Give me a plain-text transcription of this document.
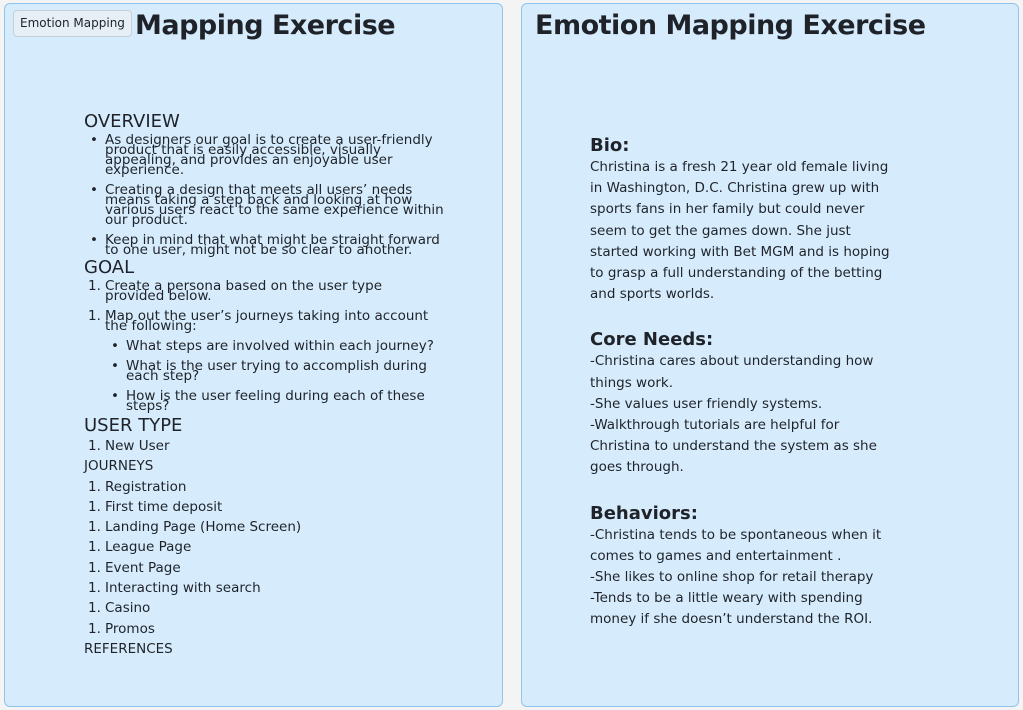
Emotion Mapping Mapping Exercise
OVERVIEW
• As designers our goal is to create a user-friendly product that is easily accessible, visually appealing, and provides an enjoyable user experience.
• Creating a design that meets all users’ needs means taking a step back and looking at how various users react to the same experience within our product.
• Keep in mind that what might be straight forward to one user, might not be so clear to another.
GOAL
1. Create a persona based on the user type provided below.
1. Map out the user’s journeys taking into account the following:
• What steps are involved within each journey?
• What is the user trying to accomplish during each step?
• How is the user feeling during each of these steps?
USER TYPE
1. New User
JOURNEYS
1. Registration
1. First time deposit
1. Landing Page (Home Screen)
1. League Page
1. Event Page
1. Interacting with search
1. Casino
1. Promos
REFERENCES
Emotion Mapping Exercise
Bio:

Christina is a fresh 21 year old female living

in Washington, D.C. Christina grew up with

sports fans in her family but could never

seem to get the games down. She just

started working with Bet MGM and is hoping

to grasp a full understanding of the betting

and sports worlds.

Core Needs:

-Christina cares about understanding how

things work.

-She values user friendly systems.

-Walkthrough tutorials are helpful for

Christina to understand the system as she

goes through.

Behaviors:

-Christina tends to be spontaneous when it

comes to games and entertainment .

-She likes to online shop for retail therapy

-Tends to be a little weary with spending

money if she doesn’t understand the ROI.
